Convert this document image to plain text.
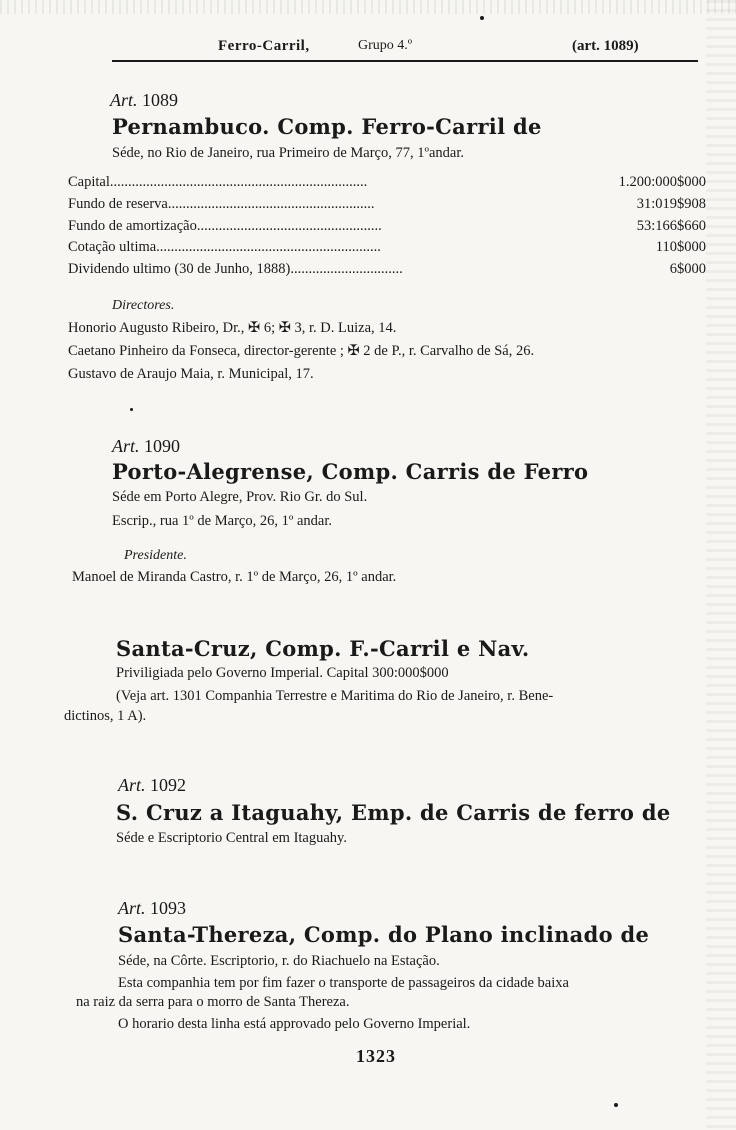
Ferro-Carril,	Grupo 4.º	(art. 1089)
Art. 1089
Pernambuco. Comp. Ferro-Carril de
Séde, no Rio de Janeiro, rua Primeiro de Março, 77, 1ºandar.
Capital.......................................................................	1.200:000$000
Fundo de reserva.........................................................	31:019$908
Fundo de amortização...................................................	53:166$660
Cotação ultima..............................................................	110$000
Dividendo ultimo (30 de Junho, 1888)...............................	6$000
Directores.
Honorio Augusto Ribeiro, Dr., ✠ 6; ✠ 3, r. D. Luiza, 14.
Caetano Pinheiro da Fonseca, director-gerente ; ✠ 2 de P., r. Carvalho de Sá, 26.
Gustavo de Araujo Maia, r. Municipal, 17.
Art. 1090
Porto-Alegrense, Comp. Carris de Ferro
Séde em Porto Alegre, Prov. Rio Gr. do Sul.
Escrip., rua 1º de Março, 26, 1º andar.
Presidente.
Manoel de Miranda Castro, r. 1º de Março, 26, 1º andar.
Santa-Cruz, Comp. F.-Carril e Nav.
Priviligiada pelo Governo Imperial. Capital 300:000$000
(Veja art. 1301 Companhia Terrestre e Maritima do Rio de Janeiro, r. Bene-
dictinos, 1 A).
Art. 1092
S. Cruz a Itaguahy, Emp. de Carris de ferro de
Séde e Escriptorio Central em Itaguahy.
Art. 1093
Santa-Thereza, Comp. do Plano inclinado de
Séde, na Côrte. Escriptorio, r. do Riachuelo na Estação.
Esta companhia tem por fim fazer o transporte de passageiros da cidade baixa
na raiz da serra para o morro de Santa Thereza.
O horario desta linha está approvado pelo Governo Imperial.
1323
